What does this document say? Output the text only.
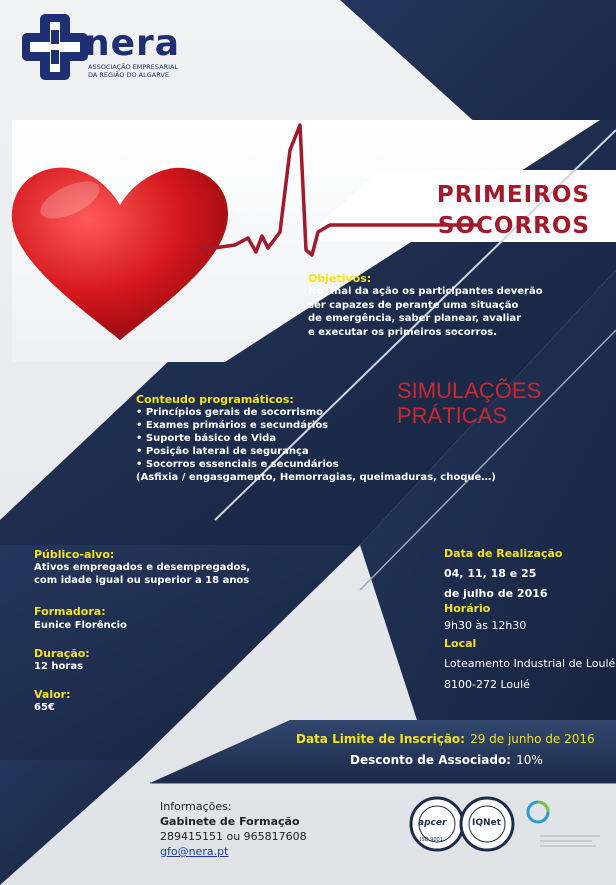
nera
ASSOCIAÇÃO EMPRESARIAL
DA REGIÃO DO ALGARVE
PRIMEIROS
SOCORROS
Objetivos:
No final da ação os participantes deverão
ser capazes de perante uma situação
de emergência, saber planear, avaliar
e executar os primeiros socorros.
SIMULAÇÕES
PRÁTICAS
Conteudo programáticos:
• Princípios gerais de socorrismo
• Exames primários e secundários
• Suporte básico de Vida
• Posição lateral de segurança
• Socorros essenciais e secundários
(Asfixia / engasgamento, Hemorragias, queimaduras, choque…)
Público-alvo:
Ativos empregados e desempregados,
com idade igual ou superior a 18 anos
Formadora:
Eunice Florêncio
Duração:
12 horas
Valor:
65€
Data de Realização
04, 11, 18 e 25
de julho de 2016
Horário
9h30 às 12h30
Local
Loteamento Industrial de Loulé
8100-272 Loulé
Data Limite de Inscrição: 29 de junho de 2016
Desconto de Associado: 10%
Informações:
Gabinete de Formação
289415151 ou 965817608
gfo@nera.pt
apcer	IQNet
ISO 9001
